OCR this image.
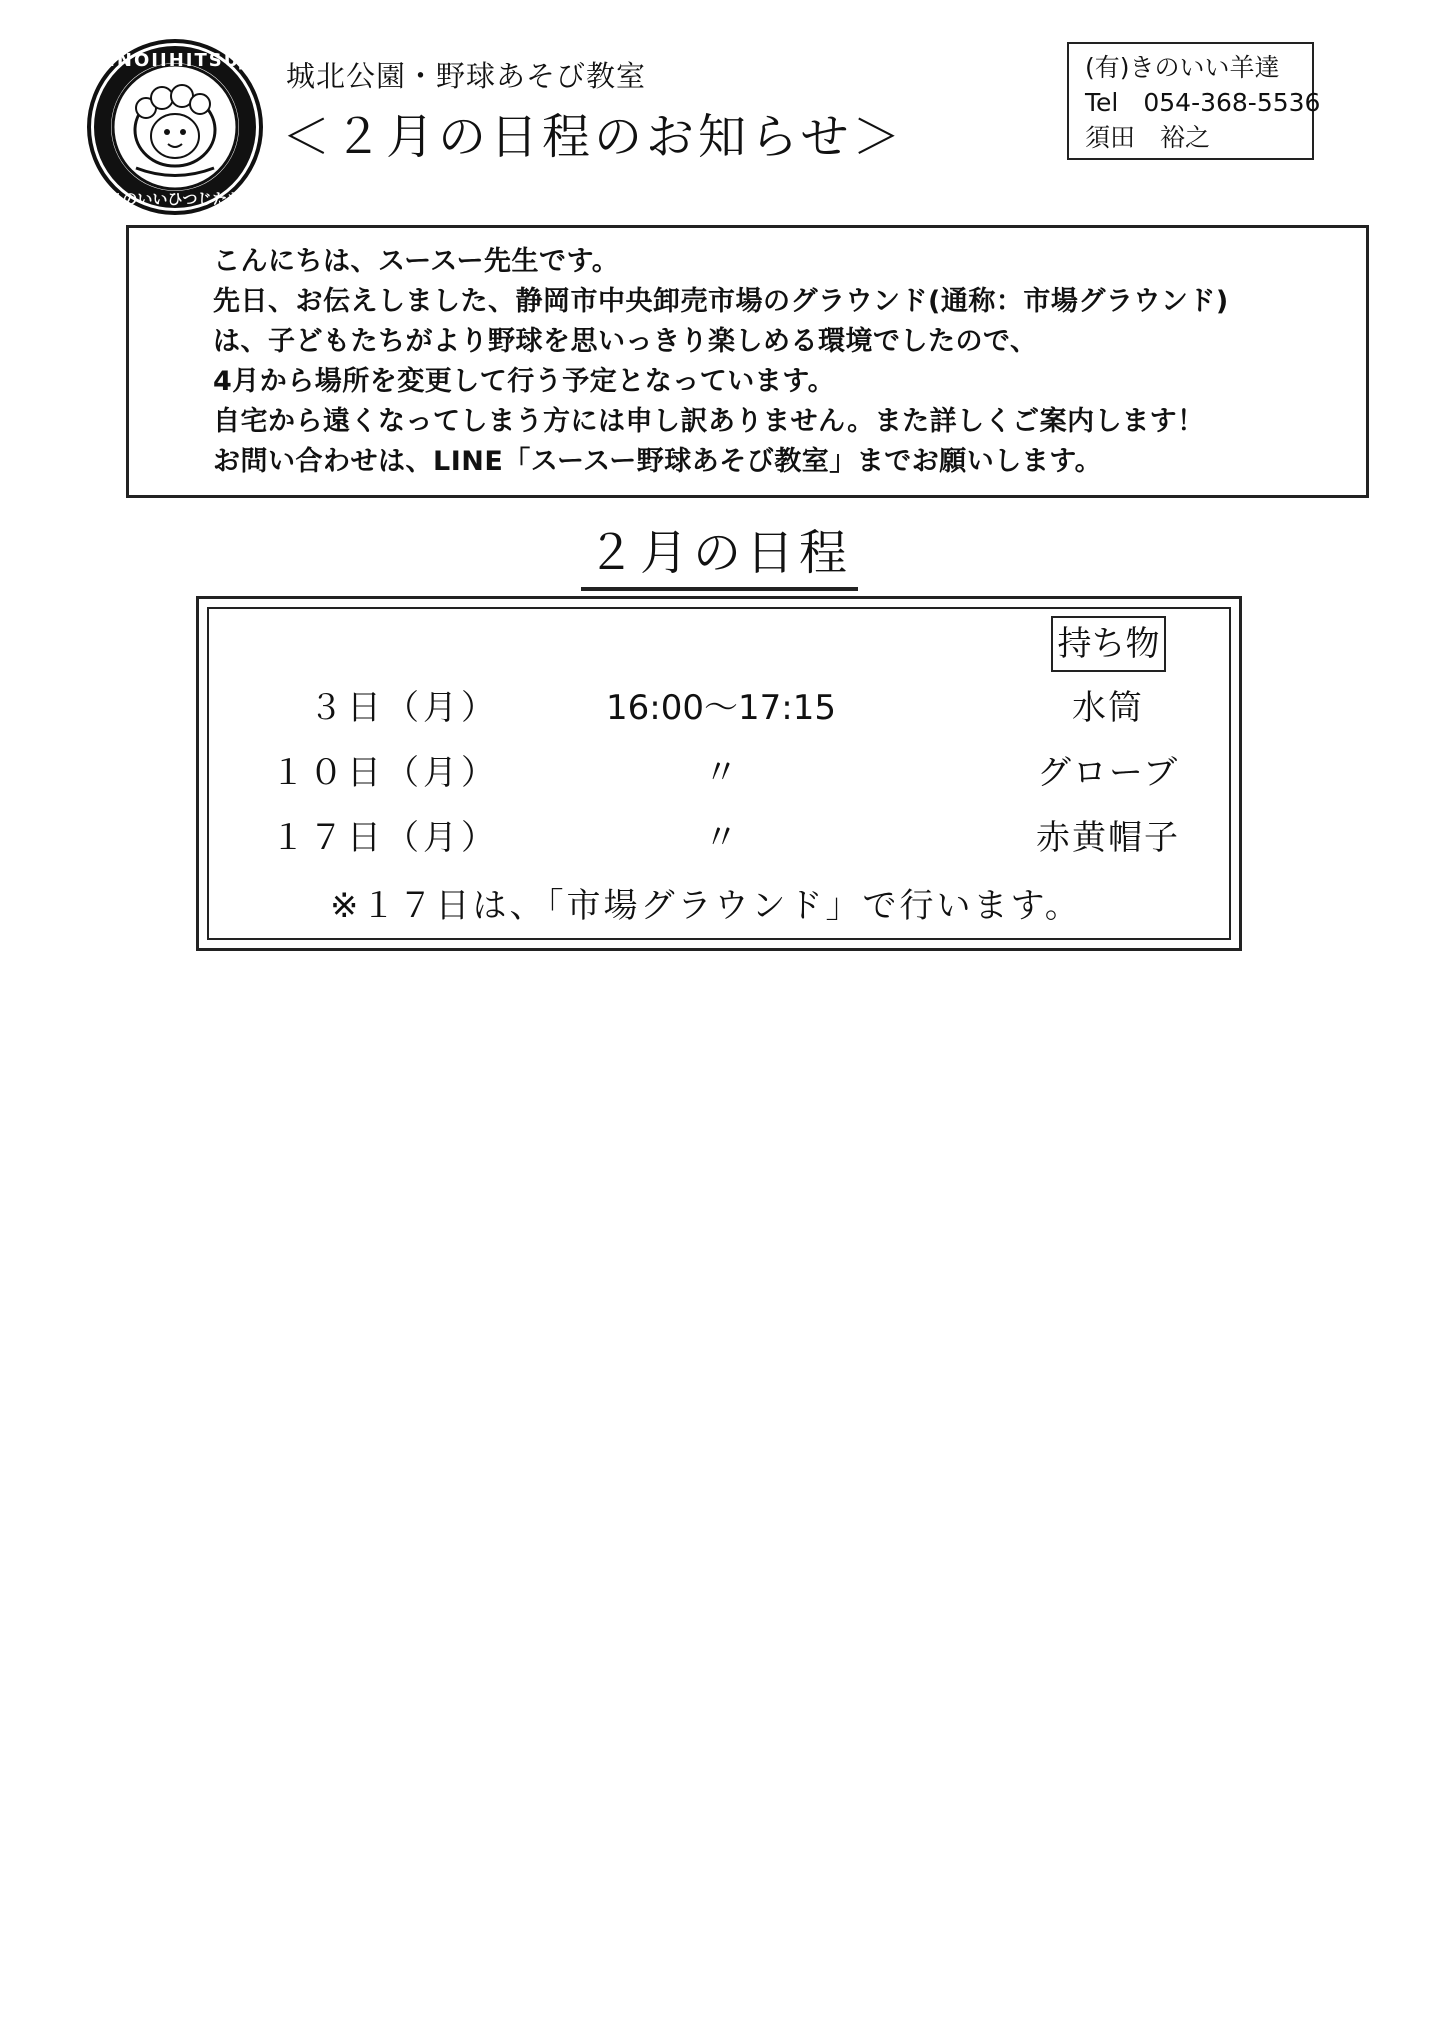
KINOIIHITSUJI
きのいいひつじたち
城北公園・野球あそび教室
＜２月の日程のお知らせ＞
(有)きのいい羊達
Tel　054-368-5536
須田　裕之
こんにちは、スースー先生です。
先日、お伝えしました、静岡市中央卸売市場のグラウンド(通称：市場グラウンド)
は、子どもたちがより野球を思いっきり楽しめる環境でしたので、
4月から場所を変更して行う予定となっています。
自宅から遠くなってしまう方には申し訳ありません。また詳しくご案内します！
お問い合わせは、LINE「スースー野球あそび教室」までお願いします。
２月の日程
持ち物
３日（月）	16:00～17:15	水筒
１０日（月）	〃	グローブ
１７日（月）	〃	赤黄帽子
※１７日は、「市場グラウンド」で行います。
